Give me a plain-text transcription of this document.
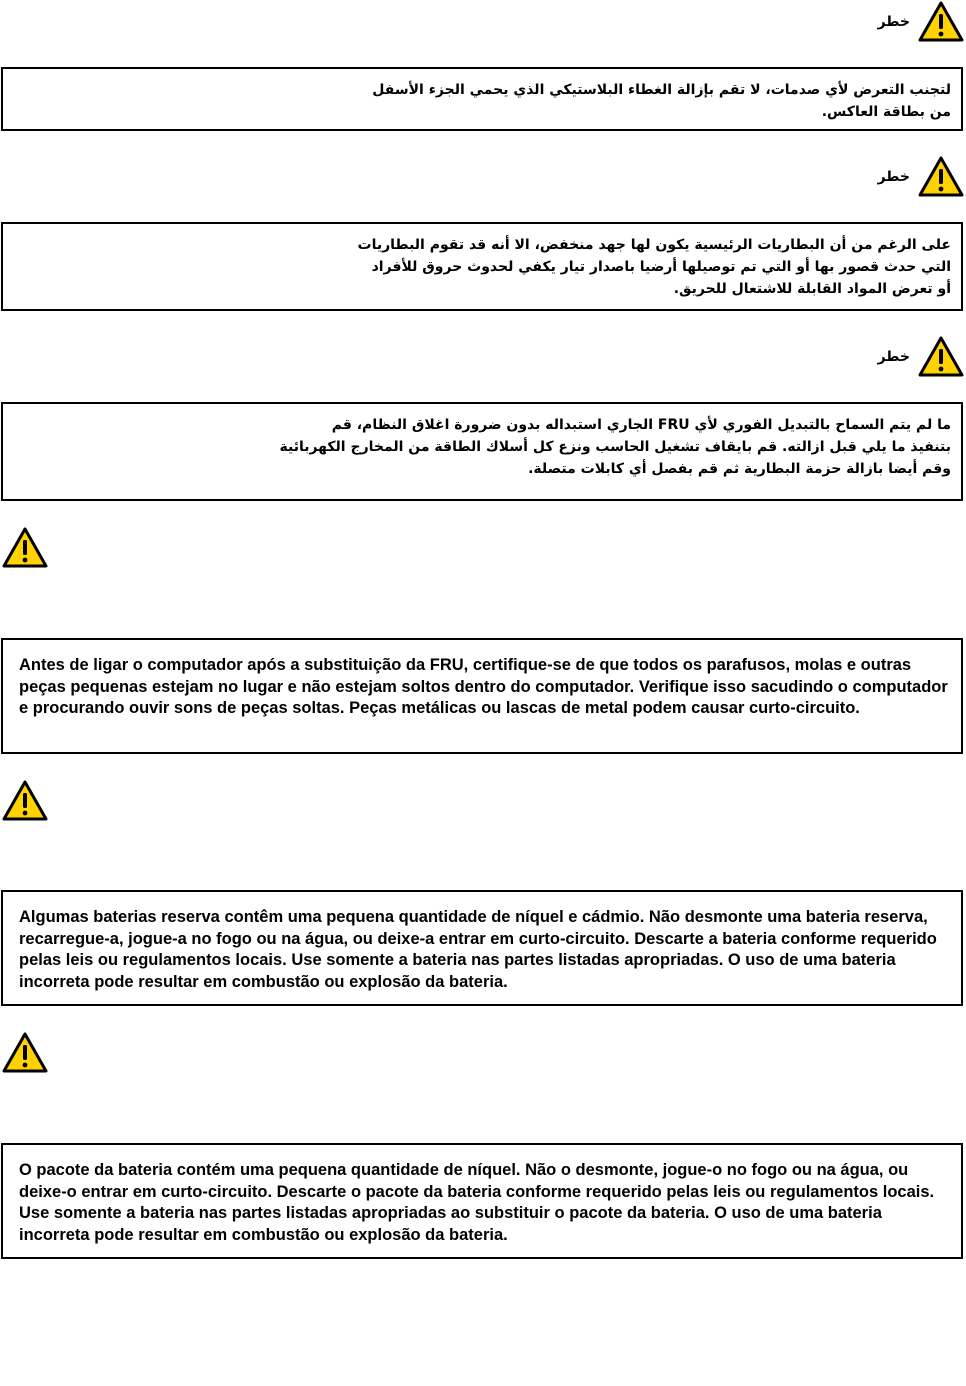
خطر

لتجنب التعرض لأي صدمات، لا تقم بإزالة الغطاء البلاستيكي الذي يحمي الجزء الأسفل

من بطاقة العاكس.

خطر

على الرغم من أن البطاريات الرئيسية يكون لها جهد منخفض، الا أنه قد تقوم البطاريات

التي حدث قصور بها أو التي تم توصيلها أرضيا باصدار تيار يكفي لحدوث حروق للأفراد

أو تعرض المواد القابلة للاشتعال للحريق.

خطر

ما لم يتم السماح بالتبديل الفوري لأي FRU الجاري استبداله بدون ضرورة اغلاق النظام، قم

بتنفيذ ما يلي قبل ازالته. قم بايقاف تشغيل الحاسب ونزع كل أسلاك الطاقة من المخارج الكهربائية

وقم أيضا بازالة حزمة البطارية ثم قم بفصل أي كابلات متصلة.

Antes de ligar o computador após a substituição da FRU, certifique-se de que todos os parafusos, molas e outras peças pequenas estejam no lugar e não estejam soltos dentro do computador. Verifique isso sacudindo o computador e procurando ouvir sons de peças soltas. Peças metálicas ou lascas de metal podem causar curto-circuito.

Algumas baterias reserva contêm uma pequena quantidade de níquel e cádmio. Não desmonte uma bateria reserva, recarregue-a, jogue-a no fogo ou na água, ou deixe-a entrar em curto-circuito. Descarte a bateria conforme requerido pelas leis ou regulamentos locais. Use somente a bateria nas partes listadas apropriadas. O uso de uma bateria incorreta pode resultar em combustão ou explosão da bateria.

O pacote da bateria contém uma pequena quantidade de níquel. Não o desmonte, jogue-o no fogo ou na água, ou deixe-o entrar em curto-circuito. Descarte o pacote da bateria conforme requerido pelas leis ou regulamentos locais. Use somente a bateria nas partes listadas apropriadas ao substituir o pacote da bateria. O uso de uma bateria incorreta pode resultar em combustão ou explosão da bateria.
